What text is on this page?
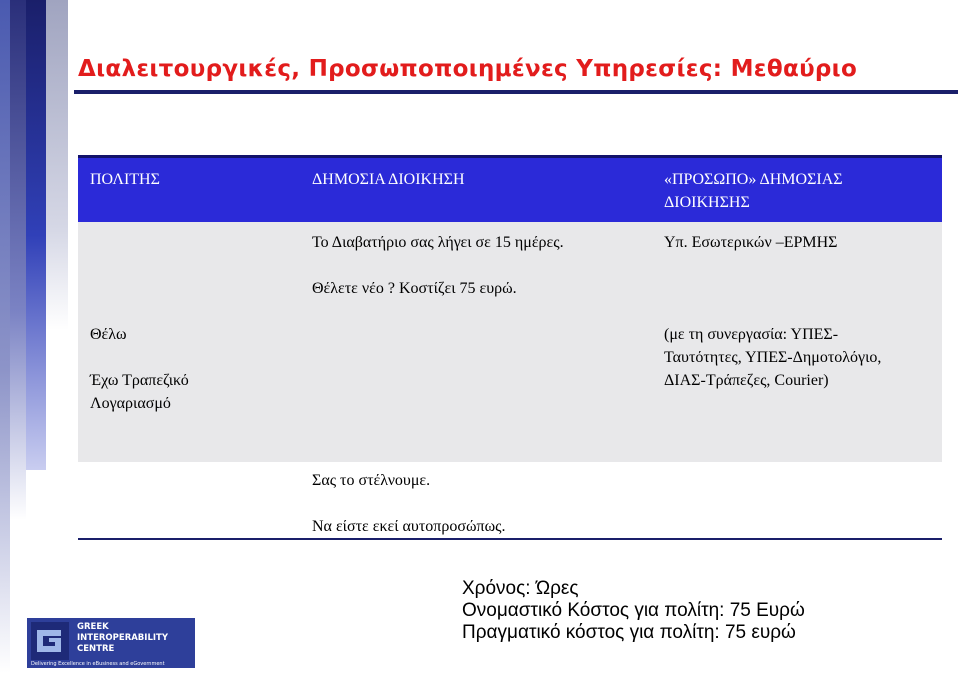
Διαλειτουργικές, Προσωποποιημένες Υπηρεσίες: Μεθαύριο
ΠΟΛΙΤΗΣ	ΔΗΜΟΣΙΑ ΔΙΟΙΚΗΣΗ	«ΠΡΟΣΩΠΟ» ΔΗΜΟΣΙΑΣ
ΔΙΟΙΚΗΣΗΣ
Θέλω
Έχω Τραπεζικό
Λογαριασμό
Το Διαβατήριο σας λήγει σε 15 ημέρες.
Θέλετε νέο ? Κοστίζει 75 ευρώ.
Σας το στέλνουμε.
Να είστε εκεί αυτοπροσώπως.
Υπ. Εσωτερικών –ΕΡΜΗΣ
(με τη συνεργασία: ΥΠΕΣ-
Ταυτότητες, ΥΠΕΣ-Δημοτολόγιο,
ΔΙΑΣ-Τράπεζες, Courier)
Χρόνος: Ώρες
Ονομαστικό Κόστος για πολίτη: 75 Ευρώ
Πραγματικό κόστος για πολίτη: 75 ευρώ
GREEK
INTEROPERABILITY
CENTRE
Delivering Excellence in eBusiness and eGovernment
